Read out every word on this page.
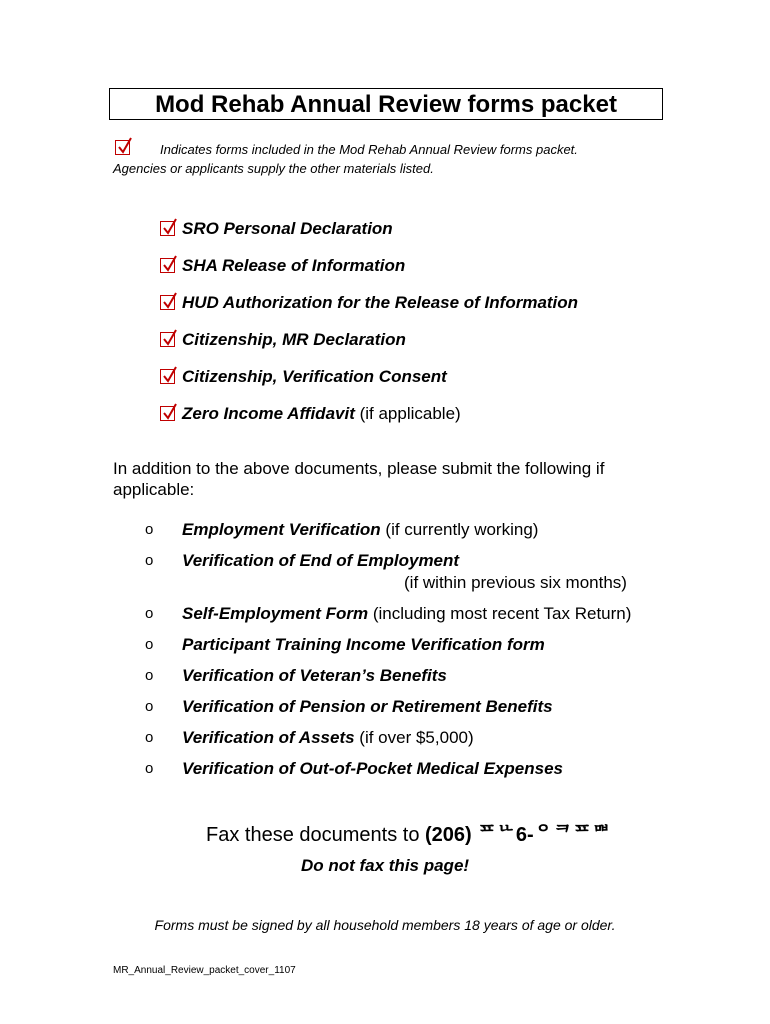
Mod Rehab Annual Review forms packet
Indicates forms included in the Mod Rehab Annual Review forms packet.
Agencies or applicants supply the other materials listed.
SRO Personal Declaration
SHA Release of Information
HUD Authorization for the Release of Information
Citizenship, MR Declaration
Citizenship, Verification Consent
Zero Income Affidavit (if applicable)
In addition to the above documents, please submit the following if applicable:
o	Employment Verification (if currently working)
o	Verification of End of Employment
(if within previous six months)
o	Self-Employment Form (including most recent Tax Return)
o	Participant Training Income Verification form
o	Verification of Veteran’s Benefits
o	Verification of Pension or Retirement Benefits
o	Verification of Assets (if over $5,000)
o	Verification of Out-of-Pocket Medical Expenses
Fax these documents to (206) ᄑᄔ6-ᄋᄏᄑᄜ
Do not fax this page!
Forms must be signed by all household members 18 years of age or older.
MR_Annual_Review_packet_cover_1107
